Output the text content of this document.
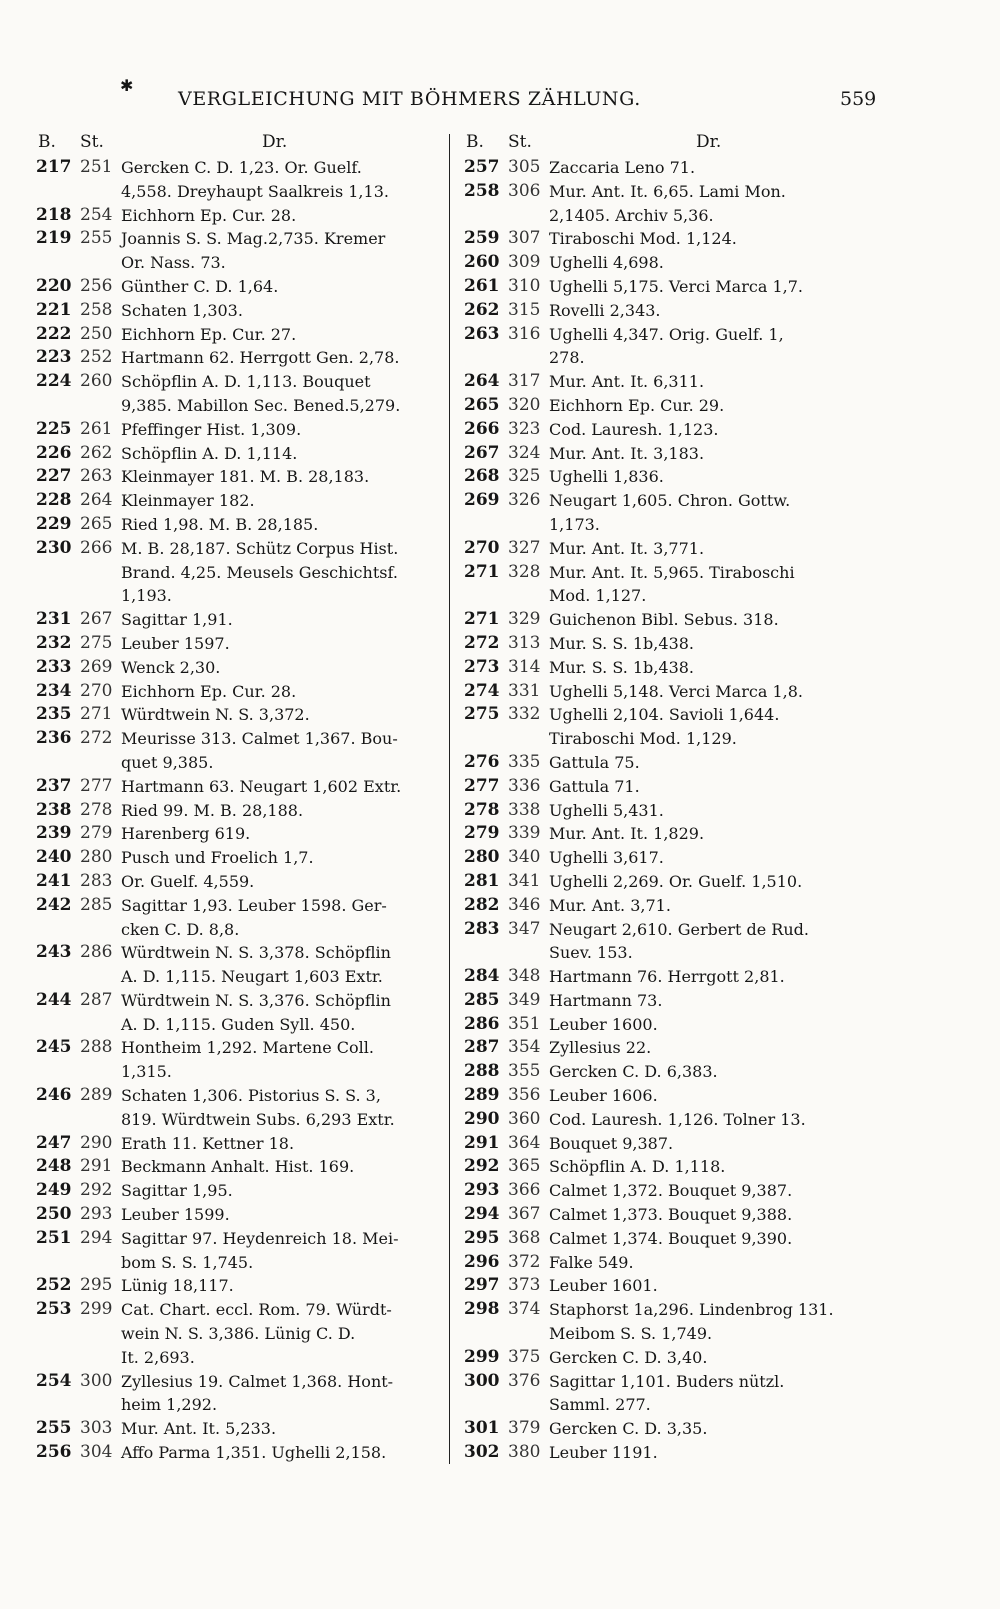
✱
VERGLEICHUNG MIT BÖHMERS ZÄHLUNG.	559
B. St.	Dr.
217 251 Gercken C. D. 1,23. Or. Guelf.
4,558. Dreyhaupt Saalkreis 1,13.
218 254 Eichhorn Ep. Cur. 28.
219 255 Joannis S. S. Mag.2,735. Kremer
Or. Nass. 73.
220 256 Günther C. D. 1,64.
221 258 Schaten 1,303.
222 250 Eichhorn Ep. Cur. 27.
223 252 Hartmann 62. Herrgott Gen. 2,78.
224 260 Schöpflin A. D. 1,113. Bouquet
9,385. Mabillon Sec. Bened.5,279.
225 261 Pfeffinger Hist. 1,309.
226 262 Schöpflin A. D. 1,114.
227 263 Kleinmayer 181. M. B. 28,183.
228 264 Kleinmayer 182.
229 265 Ried 1,98. M. B. 28,185.
230 266 M. B. 28,187. Schütz Corpus Hist.
Brand. 4,25. Meusels Geschichtsf.
1,193.
231 267 Sagittar 1,91.
232 275 Leuber 1597.
233 269 Wenck 2,30.
234 270 Eichhorn Ep. Cur. 28.
235 271 Würdtwein N. S. 3,372.
236 272 Meurisse 313. Calmet 1,367. Bou-
quet 9,385.
237 277 Hartmann 63. Neugart 1,602 Extr.
238 278 Ried 99. M. B. 28,188.
239 279 Harenberg 619.
240 280 Pusch und Froelich 1,7.
241 283 Or. Guelf. 4,559.
242 285 Sagittar 1,93. Leuber 1598. Ger-
cken C. D. 8,8.
243 286 Würdtwein N. S. 3,378. Schöpflin
A. D. 1,115. Neugart 1,603 Extr.
244 287 Würdtwein N. S. 3,376. Schöpflin
A. D. 1,115. Guden Syll. 450.
245 288 Hontheim 1,292. Martene Coll.
1,315.
246 289 Schaten 1,306. Pistorius S. S. 3,
819. Würdtwein Subs. 6,293 Extr.
247 290 Erath 11. Kettner 18.
248 291 Beckmann Anhalt. Hist. 169.
249 292 Sagittar 1,95.
250 293 Leuber 1599.
251 294 Sagittar 97. Heydenreich 18. Mei-
bom S. S. 1,745.
252 295 Lünig 18,117.
253 299 Cat. Chart. eccl. Rom. 79. Würdt-
wein N. S. 3,386. Lünig C. D.
It. 2,693.
254 300 Zyllesius 19. Calmet 1,368. Hont-
heim 1,292.
255 303 Mur. Ant. It. 5,233.
256 304 Affo Parma 1,351. Ughelli 2,158.
B. St.	Dr.
257 305 Zaccaria Leno 71.
258 306 Mur. Ant. It. 6,65. Lami Mon.
2,1405. Archiv 5,36.
259 307 Tiraboschi Mod. 1,124.
260 309 Ughelli 4,698.
261 310 Ughelli 5,175. Verci Marca 1,7.
262 315 Rovelli 2,343.
263 316 Ughelli 4,347. Orig. Guelf. 1,
278.
264 317 Mur. Ant. It. 6,311.
265 320 Eichhorn Ep. Cur. 29.
266 323 Cod. Lauresh. 1,123.
267 324 Mur. Ant. It. 3,183.
268 325 Ughelli 1,836.
269 326 Neugart 1,605. Chron. Gottw.
1,173.
270 327 Mur. Ant. It. 3,771.
271 328 Mur. Ant. It. 5,965. Tiraboschi
Mod. 1,127.
271 329 Guichenon Bibl. Sebus. 318.
272 313 Mur. S. S. 1b,438.
273 314 Mur. S. S. 1b,438.
274 331 Ughelli 5,148. Verci Marca 1,8.
275 332 Ughelli 2,104. Savioli 1,644.
Tiraboschi Mod. 1,129.
276 335 Gattula 75.
277 336 Gattula 71.
278 338 Ughelli 5,431.
279 339 Mur. Ant. It. 1,829.
280 340 Ughelli 3,617.
281 341 Ughelli 2,269. Or. Guelf. 1,510.
282 346 Mur. Ant. 3,71.
283 347 Neugart 2,610. Gerbert de Rud.
Suev. 153.
284 348 Hartmann 76. Herrgott 2,81.
285 349 Hartmann 73.
286 351 Leuber 1600.
287 354 Zyllesius 22.
288 355 Gercken C. D. 6,383.
289 356 Leuber 1606.
290 360 Cod. Lauresh. 1,126. Tolner 13.
291 364 Bouquet 9,387.
292 365 Schöpflin A. D. 1,118.
293 366 Calmet 1,372. Bouquet 9,387.
294 367 Calmet 1,373. Bouquet 9,388.
295 368 Calmet 1,374. Bouquet 9,390.
296 372 Falke 549.
297 373 Leuber 1601.
298 374 Staphorst 1a,296. Lindenbrog 131.
Meibom S. S. 1,749.
299 375 Gercken C. D. 3,40.
300 376 Sagittar 1,101. Buders nützl.
Samml. 277.
301 379 Gercken C. D. 3,35.
302 380 Leuber 1191.
